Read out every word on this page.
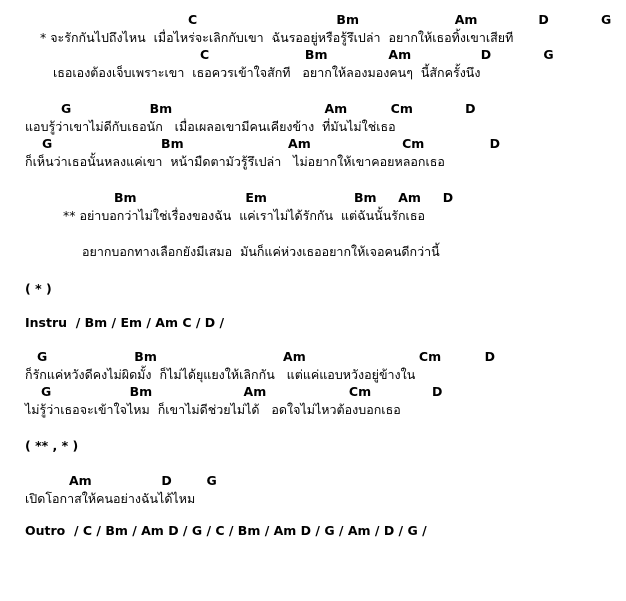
C                                Bm                      Am              D            G
* จะรักกันไปถึงไหน  เมื่อไหร่จะเลิกกับเขา  ฉันรออยู่หรือรู้รึเปล่า  อยากให้เธอทิ้งเขาเสียที
C                      Bm              Am                D            G
เธอเองต้องเจ็บเพราะเขา  เธอควรเข้าใจสักที   อยากให้ลองมองคนๆ  นี้สักครั้งนึง
G                  Bm                                   Am          Cm            D
แอบรู้ว่าเขาไม่ดีกับเธอนัก   เมื่อเผลอเขามีคนเคียงข้าง  ที่มันไม่ใช่เธอ
G                         Bm                        Am                     Cm               D
ก็เห็นว่าเธอนั้นหลงแค่เขา  หน้ามืดตามัวรู้รึเปล่า   ไม่อยากให้เขาคอยหลอกเธอ
Bm                         Em                    Bm     Am     D
** อย่าบอกว่าไม่ใช่เรื่องของฉัน  แค่เราไม่ได้รักกัน  แต่ฉันนั้นรักเธอ
อยากบอกทางเลือกยังมีเสมอ  มันก็แค่ห่วงเธออยากให้เจอคนดีกว่านี้
( * )
Instru  / Bm / Em / Am C / D /
G                    Bm                             Am                          Cm          D
ก็รักแค่หวังดีคงไม่ผิดมั้ง  ก็ไม่ได้ยุแยงให้เลิกกัน   แต่แค่แอบหวังอยู่ข้างใน
G                  Bm                     Am                   Cm              D
ไม่รู้ว่าเธอจะเข้าใจไหม  ก็เขาไม่ดีช่วยไม่ได้   อดใจไม่ไหวต้องบอกเธอ
( ** , * )
Am                D        G
เปิดโอกาสให้คนอย่างฉันได้ไหม
Outro  / C / Bm / Am D / G / C / Bm / Am D / G / Am / D / G /
